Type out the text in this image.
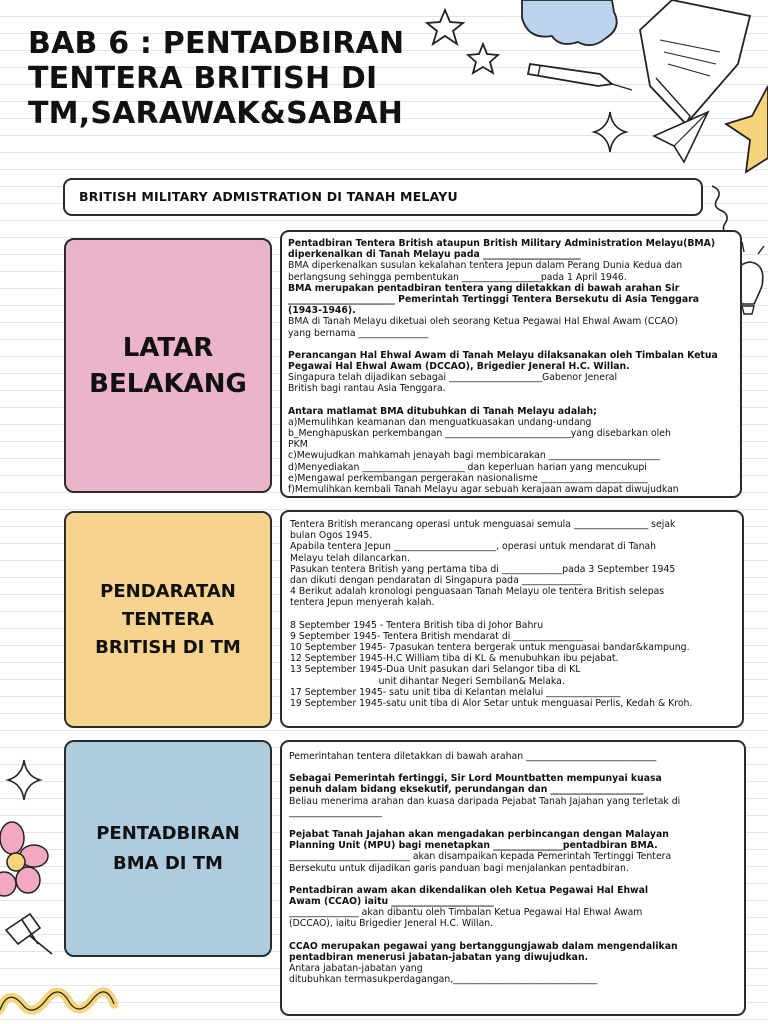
BAB 6 : PENTADBIRAN
TENTERA BRITISH DI
TM,SARAWAK&SABAH
BRITISH MILITARY ADMISTRATION DI TANAH MELAYU
LATAR
BELAKANG
PENDARATAN
TENTERA
BRITISH DI TM
PENTADBIRAN
BMA DI TM

Pentadbiran Tentera British ataupun British Military Administration Melayu(BMA)

diperkenalkan di Tanah Melayu pada _____________________

BMA diperkenalkan susulan kekalahan tentera Jepun dalam Perang Dunia Kedua dan

berlangsung sehingga pembentukan _________________pada 1 April 1946.

BMA merupakan pentadbiran tentera yang diletakkan di bawah arahan Sir

_______________________ Pemerintah Tertinggi Tentera Bersekutu di Asia Tenggara

(1943-1946).

BMA di Tanah Melayu diketuai oleh seorang Ketua Pegawai Hal Ehwal Awam (CCAO)

yang bernama _______________

Perancangan Hal Ehwal Awam di Tanah Melayu dilaksanakan oleh Timbalan Ketua

Pegawai Hal Ehwal Awam (DCCAO), Brigedier Jeneral H.C. Willan.

Singapura telah dijadikan sebagai ____________________Gabenor Jeneral

British bagi rantau Asia Tenggara.

Antara matlamat BMA ditubuhkan di Tanah Melayu adalah;

a)Memulihkan keamanan dan menguatkuasakan undang-undang

b_Menghapuskan perkembangan ___________________________yang disebarkan oleh

PKM

c)Mewujudkan mahkamah jenayah bagi membicarakan ________________________

d)Menyediakan ______________________ dan keperluan harian yang mencukupi

e)Mengawal perkembangan pergerakan nasionalisme _______________________

f)Memulihkan kembali Tanah Melayu agar sebuah kerajaan awam dapat diwujudkan

Tentera British merancang operasi untuk menguasai semula ________________ sejak

bulan Ogos 1945.

Apabila tentera Jepun ______________________, operasi untuk mendarat di Tanah

Melayu telah dilancarkan.

Pasukan tentera British yang pertama tiba di _____________pada 3 September 1945

dan dikuti dengan pendaratan di Singapura pada _____________

4 Berikut adalah kronologi penguasaan Tanah Melayu ole tentera British selepas

tentera Jepun menyerah kalah.

8 September 1945 - Tentera British tiba di Johor Bahru

9 September 1945- Tentera British mendarat di _______________

10 September 1945- 7pasukan tentera bergerak untuk menguasai bandar&kampung.

12 September 1945-H.C William tiba di KL & menubuhkan ibu pejabat.

13 September 1945-Dua Unit pasukan dari Selangor tiba di KL

unit dihantar Negeri Sembilan& Melaka.

17 September 1945- satu unit tiba di Kelantan melalui ________________

19 September 1945-satu unit tiba di Alor Setar untuk menguasai Perlis, Kedah & Kroh.

Pemerintahan tentera diletakkan di bawah arahan ____________________________

Sebagai Pemerintah fertinggi, Sir Lord Mountbatten mempunyai kuasa

penuh dalam bidang eksekutif, perundangan dan ____________________

Beliau menerima arahan dan kuasa daripada Pejabat Tanah Jajahan yang terletak di

____________________

Pejabat Tanah Jajahan akan mengadakan perbincangan dengan Malayan

Planning Unit (MPU) bagi menetapkan _______________pentadbiran BMA.

__________________________ akan disampaikan kepada Pemerintah Tertinggi Tentera

Bersekutu untuk dijadikan garis panduan bagi menjalankan pentadbiran.

Pentadbiran awam akan dikendalikan oleh Ketua Pegawai Hal Ehwal

Awam (CCAO) iaitu ______________________

_______________ akan dibantu oleh Timbalan Ketua Pegawai Hal Ehwal Awam

(DCCAO), iaitu Brigedier Jeneral H.C. Willan.

CCAO merupakan pegawai yang bertanggungjawab dalam mengendalikan

pentadbiran menerusi jabatan-jabatan yang diwujudkan.

Antara jabatan-jabatan yang

ditubuhkan termasukperdagangan,_______________________________
